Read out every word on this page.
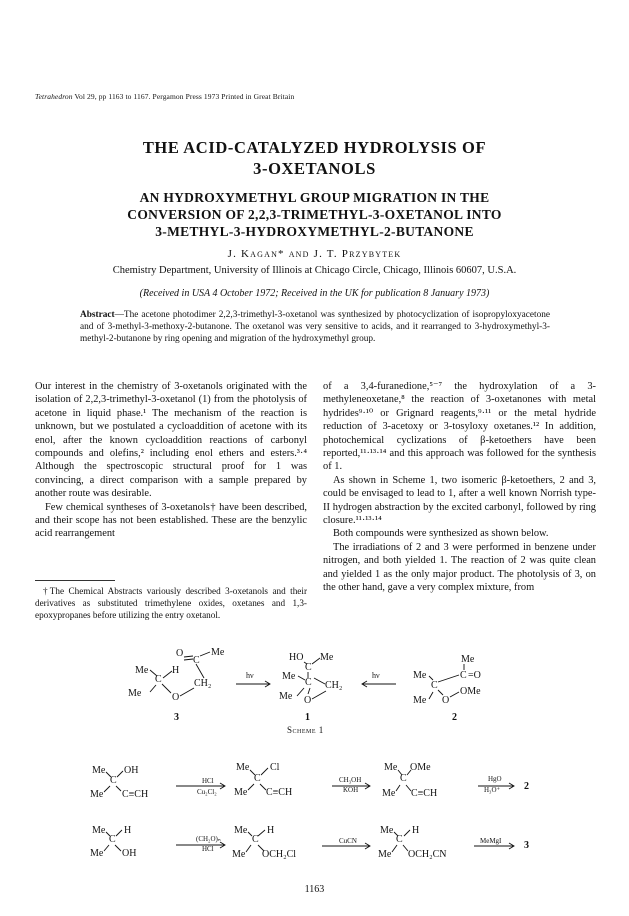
Tetrahedron Vol 29, pp 1163 to 1167. Pergamon Press 1973 Printed in Great Britain
THE ACID-CATALYZED HYDROLYSIS OF
3-OXETANOLS
AN HYDROXYMETHYL GROUP MIGRATION IN THE
CONVERSION OF 2,2,3-TRIMETHYL-3-OXETANOL INTO
3-METHYL-3-HYDROXYMETHYL-2-BUTANONE
J. Kagan* and J. T. Przybytek
Chemistry Department, University of Illinois at Chicago Circle, Chicago, Illinois 60607, U.S.A.
(Received in USA 4 October 1972; Received in the UK for publication 8 January 1973)
Abstract—The acetone photodimer 2,2,3-trimethyl-3-oxetanol was synthesized by photocyclization of isopropyloxyacetone and of 3-methyl-3-methoxy-2-butanone. The oxetanol was very sensitive to acids, and it rearranged to 3-hydroxymethyl-3-methyl-2-butanone by ring opening and migration of the hydroxymethyl group.

Our interest in the chemistry of 3-oxetanols originated with the isolation of 2,2,3-trimethyl-3-oxetanol (1) from the photolysis of acetone in liquid phase.¹ The mechanism of the reaction is unknown, but we postulated a cycloaddition of acetone with its enol, after the known cycloaddition reactions of carbonyl compounds and olefins,² including enol ethers and esters.³·⁴ Although the spectroscopic structural proof for 1 was convincing, a direct comparison with a sample prepared by another route was desirable.

Few chemical syntheses of 3-oxetanols† have been described, and their scope has not been established. These are the benzylic acid rearrangement

†The Chemical Abstracts variously described 3-oxetanols and their derivatives as substituted trimethylene oxides, oxetanes and 1,3-epoxypropanes before utilizing the entry oxetanol.

of a 3,4-furanedione,⁵⁻⁷ the hydroxylation of a 3-methyleneoxetane,⁸ the reaction of 3-oxetanones with metal hydrides⁹·¹⁰ or Grignard reagents,⁹·¹¹ or the metal hydride reduction of 3-acetoxy or 3-tosyloxy oxetanes.¹² In addition, photochemical cyclizations of β-ketoethers have been reported,¹¹·¹³·¹⁴ and this approach was followed for the synthesis of 1.

As shown in Scheme 1, two isomeric β-ketoethers, 2 and 3, could be envisaged to lead to 1, after a well known Norrish type-II hydrogen abstraction by the excited carbonyl, followed by ring closure.¹¹·¹³·¹⁴

Both compounds were synthesized as shown below.

The irradiations of 2 and 3 were performed in benzene under nitrogen, and both yielded 1. The reaction of 2 was quite clean and yielded 1 as the only major product. The photolysis of 3, on the other hand, gave a very complex mixture, from

O	Me
C
Me H
C	CH₂
Me	O
3
hν
HO Me
C
Me
C CH₂
Me O
1
hν
Me
Me	C =O
C
OMe
Me O
2
Scheme 1
Me OH
C
Me C≡CH
HCl
Cu₂Cl₂
Me Cl
C
Me C≡CH
CH₃OH
KOH
Me OMe
C
Me C≡CH
HgO
H₃O⁺ 2
Me H
C
Me OH
(CH₂O)ₙ
HCl
Me H
C
Me OCH₂Cl
CuCN
Me H
C
Me OCH₂CN
MeMgI 3
1163
